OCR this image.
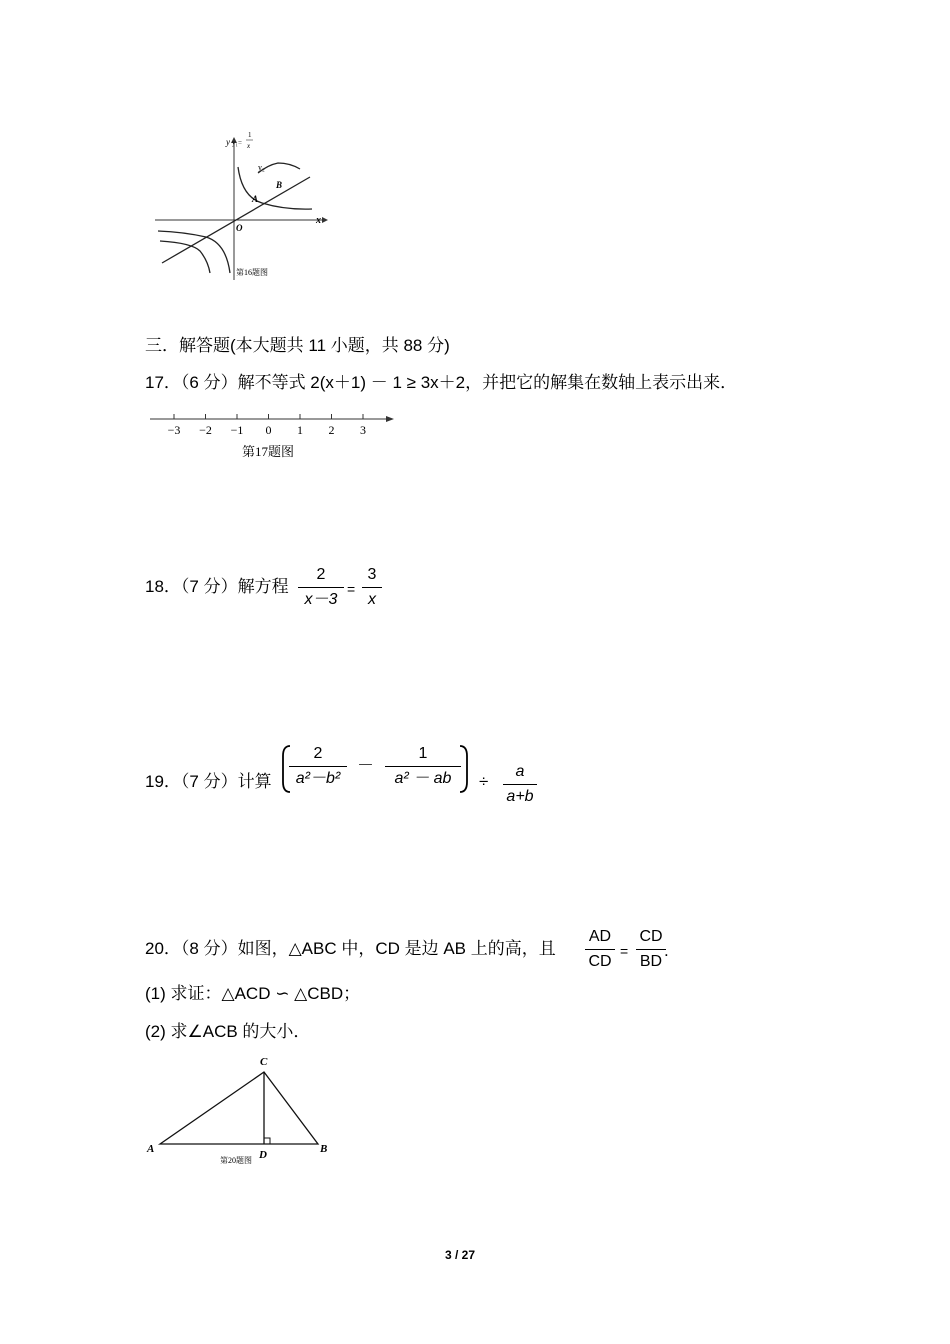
y y₁=
1
x
y₂
x
O
A
B
第16题图
三．解答题(本大题共 11 小题，共 88 分)
17．（6 分）解不等式 2(x＋1) － 1 ≥ 3x＋2，并把它的解集在数轴上表示出来．
−3 −2 −1 0 1 2 3
第17题图
18．（7 分）解方程
2
x－3
=
3
x
19．（7 分）计算
2
a²－b²
－
1
a² － ab	÷
a
a+b
20．（8 分）如图，△ABC 中，CD 是边 AB 上的高，且
AD
CD
=
CD
BD
.
(1) 求证：△ACD ∽ △CBD；
(2) 求∠ACB 的大小．
C
A	D	B
第20题图
3 / 27
